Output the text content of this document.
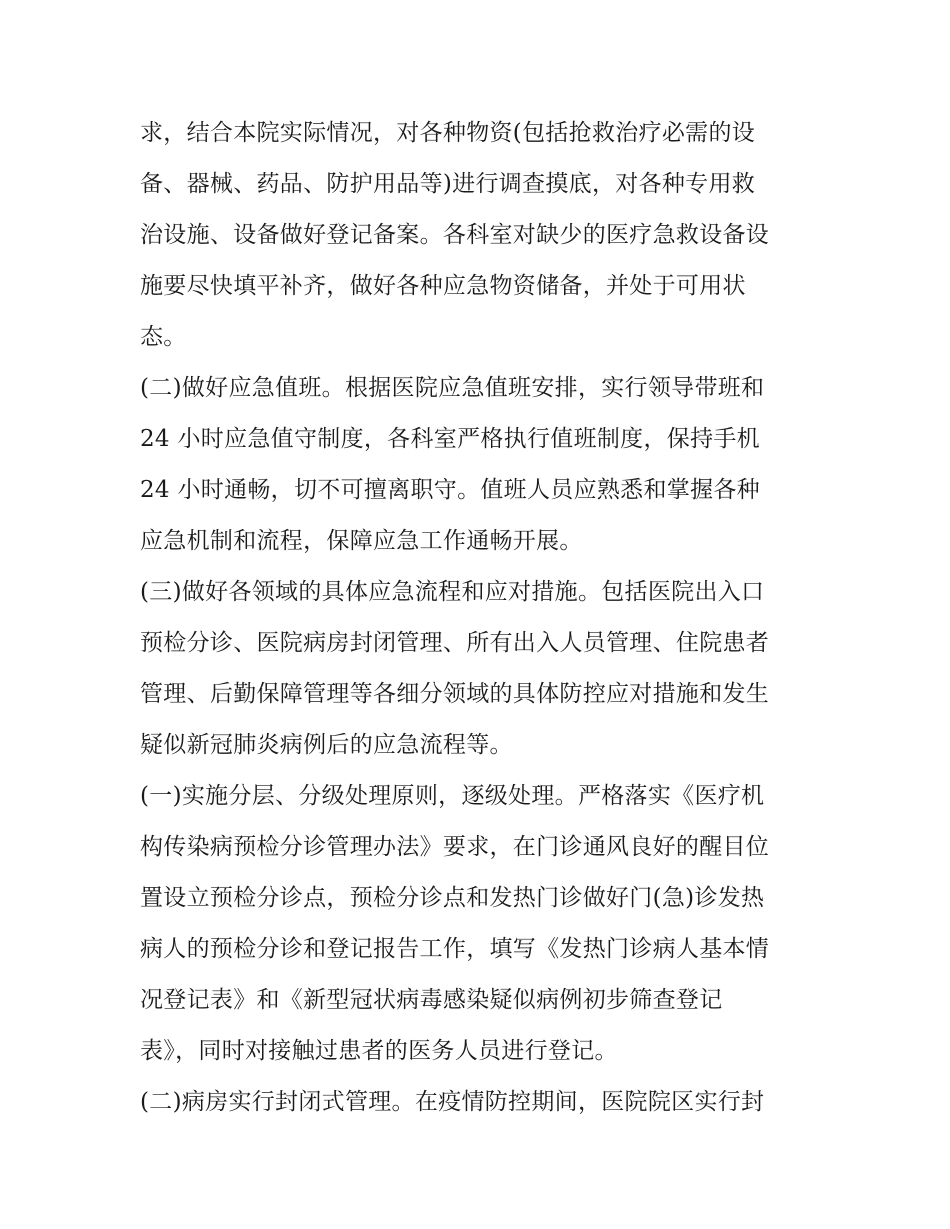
求，结合本院实际情况，对各种物资(包括抢救治疗必需的设
备、器械、药品、防护用品等)进行调查摸底，对各种专用救
治设施、设备做好登记备案。各科室对缺少的医疗急救设备设
施要尽快填平补齐，做好各种应急物资储备，并处于可用状
态。
(二)做好应急值班。根据医院应急值班安排，实行领导带班和
24 小时应急值守制度，各科室严格执行值班制度，保持手机
24 小时通畅，切不可擅离职守。值班人员应熟悉和掌握各种
应急机制和流程，保障应急工作通畅开展。
(三)做好各领域的具体应急流程和应对措施。包括医院出入口
预检分诊、医院病房封闭管理、所有出入人员管理、住院患者
管理、后勤保障管理等各细分领域的具体防控应对措施和发生
疑似新冠肺炎病例后的应急流程等。
(一)实施分层、分级处理原则，逐级处理。严格落实《医疗机
构传染病预检分诊管理办法》要求，在门诊通风良好的醒目位
置设立预检分诊点，预检分诊点和发热门诊做好门(急)诊发热
病人的预检分诊和登记报告工作，填写《发热门诊病人基本情
况登记表》和《新型冠状病毒感染疑似病例初步筛查登记
表》，同时对接触过患者的医务人员进行登记。
(二)病房实行封闭式管理。在疫情防控期间，医院院区实行封
